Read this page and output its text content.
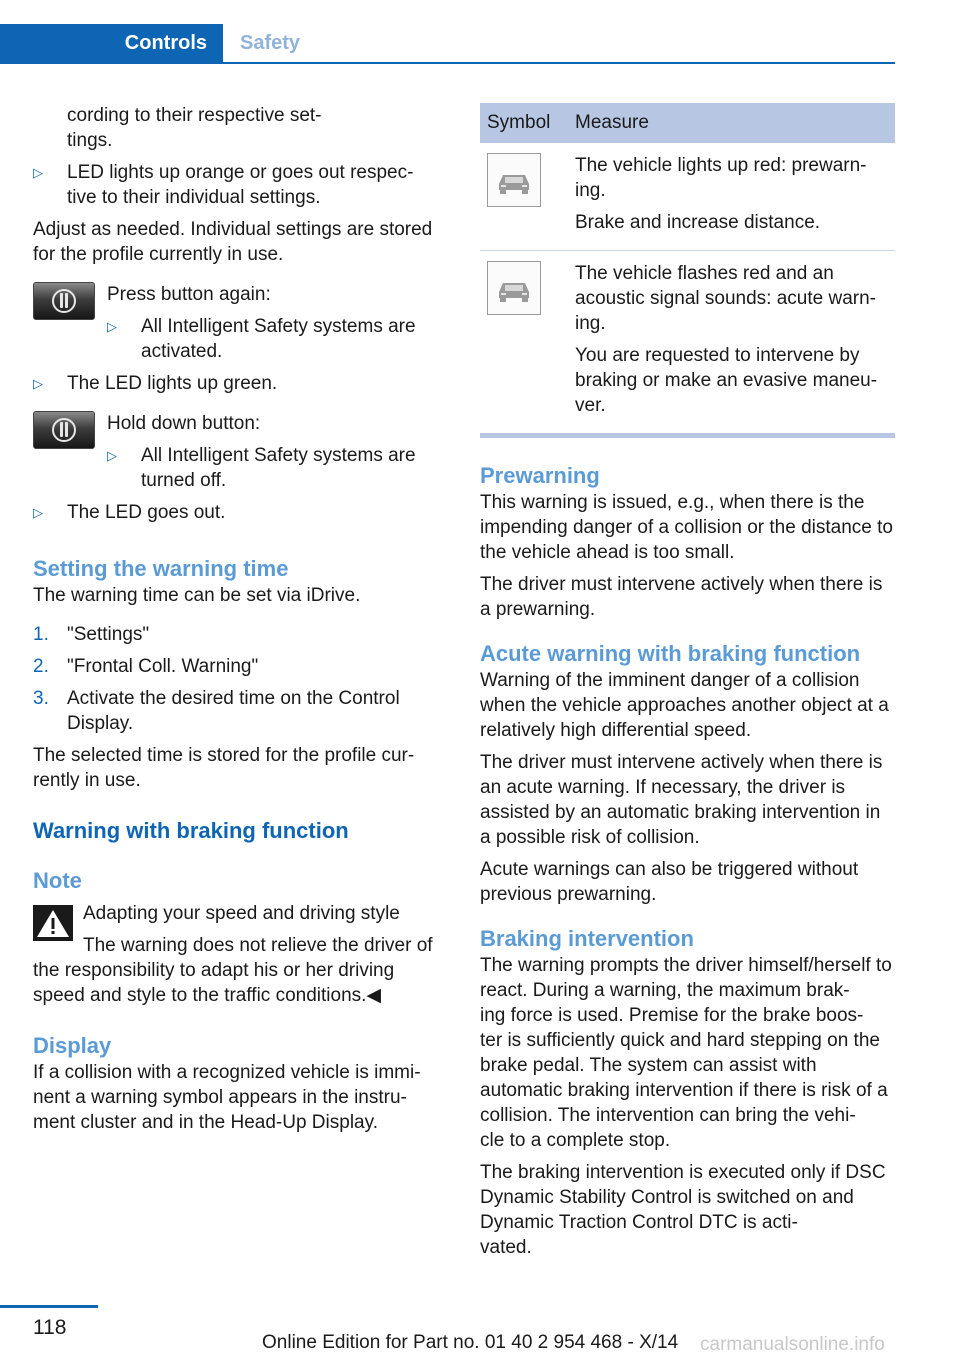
Controls	Safety

cording to their respective set-
tings.

▷ LED lights up orange or goes out respec-
tive to their individual settings.

Adjust as needed. Individual settings are stored for the profile currently in use.

Press button again:

▷ All Intelligent Safety systems are activated.
▷ The LED lights up green.

Hold down button:

▷ All Intelligent Safety systems are turned off.
▷ The LED goes out.
Setting the warning time

The warning time can be set via iDrive.

1. "Settings"
2. "Frontal Coll. Warning"
3. Activate the desired time on the Control Display.

The selected time is stored for the profile cur-
rently in use.

Warning with braking function
Note

Adapting your speed and driving style

The warning does not relieve the driver of the responsibility to adapt his or her driving speed and style to the traffic conditions.◀

Display

If a collision with a recognized vehicle is immi-
nent a warning symbol appears in the instru-
ment cluster and in the Head-Up Display.

Symbol	Measure

The vehicle lights up red: prewarn-
ing.

Brake and increase distance.

The vehicle flashes red and an acoustic signal sounds: acute warn-
ing.

You are requested to intervene by braking or make an evasive maneu-
ver.

Prewarning

This warning is issued, e.g., when there is the impending danger of a collision or the distance to the vehicle ahead is too small.

The driver must intervene actively when there is a prewarning.

Acute warning with braking function

Warning of the imminent danger of a collision when the vehicle approaches another object at a relatively high differential speed.

The driver must intervene actively when there is an acute warning. If necessary, the driver is assisted by an automatic braking intervention in a possible risk of collision.

Acute warnings can also be triggered without previous prewarning.

Braking intervention

The warning prompts the driver himself/herself to react. During a warning, the maximum brak-
ing force is used. Premise for the brake boos-
ter is sufficiently quick and hard stepping on the brake pedal. The system can assist with automatic braking intervention if there is risk of a collision. The intervention can bring the vehi-
cle to a complete stop.

The braking intervention is executed only if DSC Dynamic Stability Control is switched on and Dynamic Traction Control DTC is acti-
vated.

118
Online Edition for Part no. 01 40 2 954 468 - X/14 carmanualsonline.info
